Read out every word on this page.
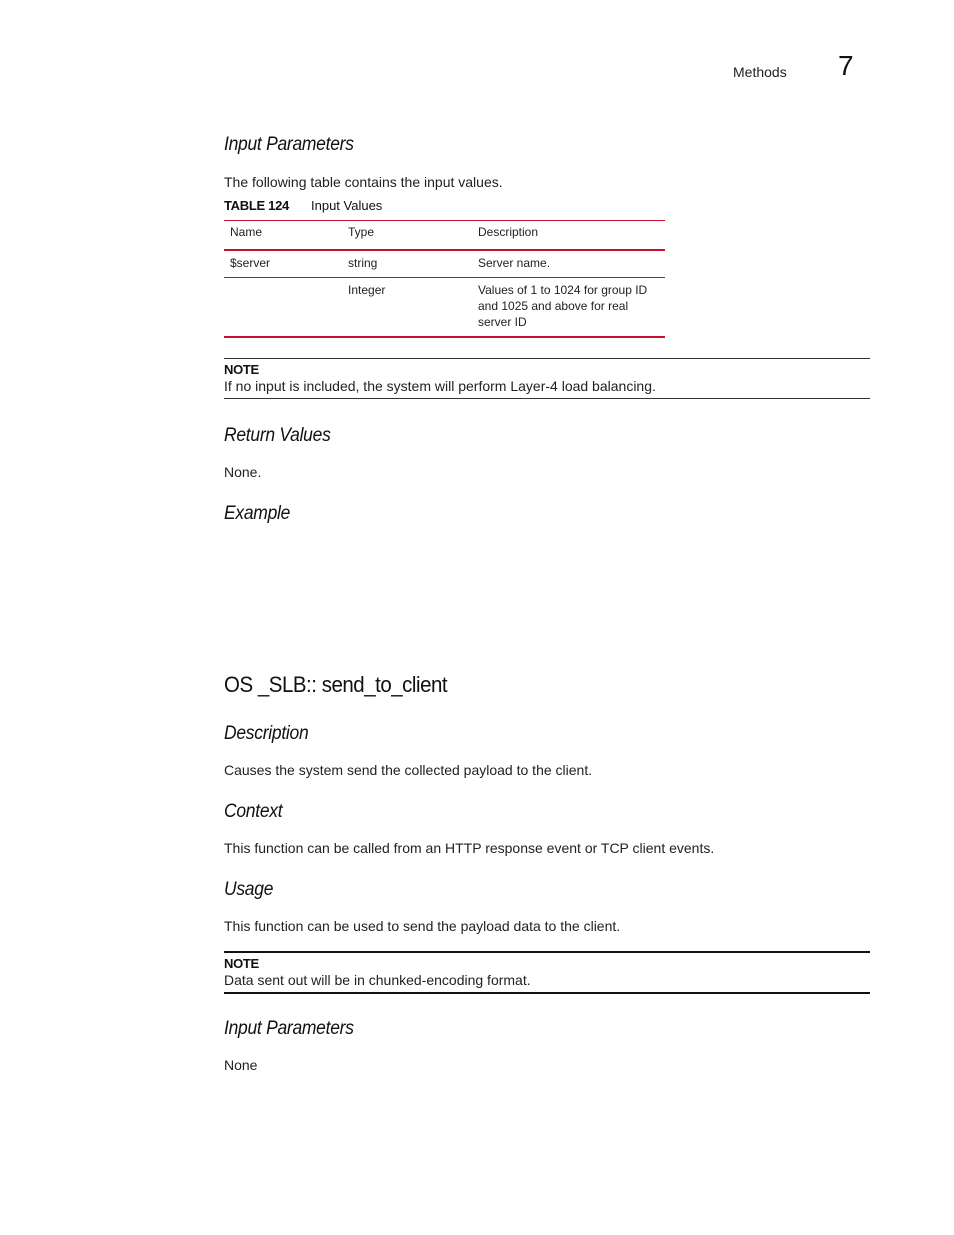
Methods 7
Input Parameters
The following table contains the input values.
TABLE 124 Input Values
Name	Type	Description
$server	string	Server name.
	Integer	Values of 1 to 1024 for group ID and 1025 and above for real server ID
NOTE
If no input is included, the system will perform Layer-4 load balancing.
Return Values
None.
Example
OS _SLB:: send_to_client
Description
Causes the system send the collected payload to the client.
Context
This function can be called from an HTTP response event or TCP client events.
Usage
This function can be used to send the payload data to the client.
NOTE
Data sent out will be in chunked-encoding format.
Input Parameters
None
